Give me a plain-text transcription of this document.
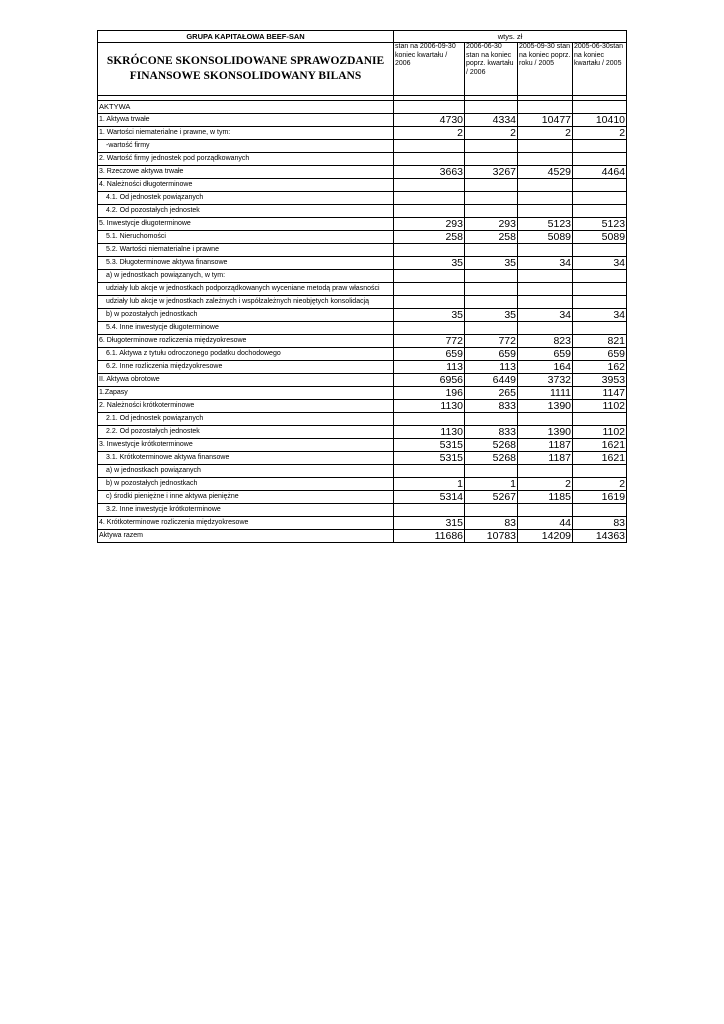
GRUPA KAPITAŁOWA BEEF-SAN	wtys. zł			
SKRÓCONE SKONSOLIDOWANE SPRAWOZDANIE FINANSOWE SKONSOLIDOWANY BILANS	stan na 2006-09-30 koniec kwartału / 2006	2006-06-30 stan na koniec poprz. kwartału / 2006	2005-09-30 stan na koniec poprz. roku / 2005	2005-06-30stan na koniec kwartału / 2005

AKTYWA				
1. Aktywa trwałe	4730	4334	10477	10410
1. Wartości niematerialne i prawne, w tym:	2	2	2	2
-wartość firmy				
2. Wartość firmy jednostek pod porządkowanych				
3. Rzeczowe aktywa trwałe	3663	3267	4529	4464
4. Należności długoterminowe				
4.1. Od jednostek powiązanych				
4.2. Od pozostałych jednostek				
5. Inwestycje długoterminowe	293	293	5123	5123
5.1. Nieruchomości	258	258	5089	5089
5.2. Wartości niematerialne i prawne				
5.3. Długoterminowe aktywa finansowe	35	35	34	34
a) w jednostkach powiązanych, w tym:				
udziały lub akcje w jednostkach podporządkowanych wyceniane metodą praw własności				
udziały lub akcje w jednostkach zależnych i współzależnych nieobjętych konsolidacją				
b) w pozostałych jednostkach	35	35	34	34
5.4. Inne inwestycje długoterminowe				
6. Długoterminowe rozliczenia międzyokresowe	772	772	823	821
6.1. Aktywa z tytułu odroczonego podatku dochodowego	659	659	659	659
6.2. Inne rozliczenia międzyokresowe	113	113	164	162
II. Aktywa obrotowe	6956	6449	3732	3953
1.Zapasy	196	265	1111	1147
2. Należności krótkoterminowe	1130	833	1390	1102
2.1. Od jednostek powiązanych				
2.2. Od pozostałych jednostek	1130	833	1390	1102
3. Inwestycje krótkoterminowe	5315	5268	1187	1621
3.1. Krótkoterminowe aktywa finansowe	5315	5268	1187	1621
a) w jednostkach powiązanych				
b) w pozostałych jednostkach	1	1	2	2
c) środki pieniężne i inne aktywa pieniężne	5314	5267	1185	1619
3.2. Inne inwestycje krótkoterminowe				
4. Krótkoterminowe rozliczenia międzyokresowe	315	83	44	83
Aktywa razem	11686	10783	14209	14363
